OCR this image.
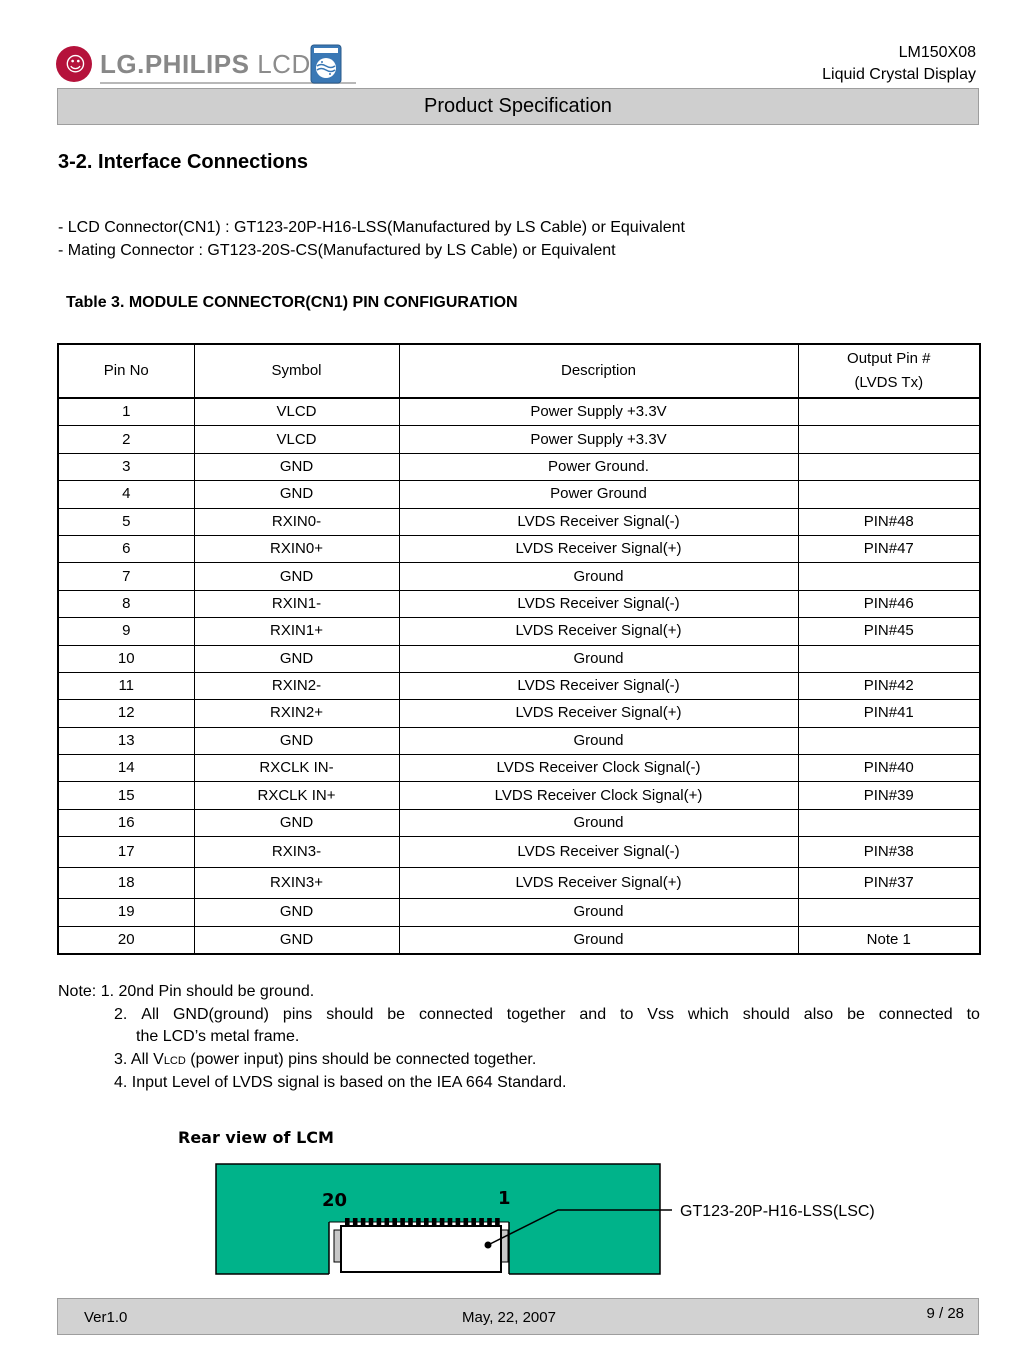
☺ LG.PHILIPS LCD	LM150X08
Liquid Crystal Display
Product Specification
3-2. Interface Connections
- LCD Connector(CN1) : GT123-20P-H16-LSS(Manufactured by LS Cable) or Equivalent
- Mating Connector : GT123-20S-CS(Manufactured by LS Cable) or Equivalent
Table 3. MODULE CONNECTOR(CN1) PIN CONFIGURATION
Pin No	Symbol	Description	Output Pin #
(LVDS Tx)

1	VLCD	Power Supply +3.3V	
2	VLCD	Power Supply +3.3V	
3	GND	Power Ground.	
4	GND	Power Ground	
5	RXIN0-	LVDS Receiver Signal(-)	PIN#48
6	RXIN0+	LVDS Receiver Signal(+)	PIN#47
7	GND	Ground	
8	RXIN1-	LVDS Receiver Signal(-)	PIN#46
9	RXIN1+	LVDS Receiver Signal(+)	PIN#45
10	GND	Ground	
11	RXIN2-	LVDS Receiver Signal(-)	PIN#42
12	RXIN2+	LVDS Receiver Signal(+)	PIN#41
13	GND	Ground	
14	RXCLK IN-	LVDS Receiver Clock Signal(-)	PIN#40
15	RXCLK IN+	LVDS Receiver Clock Signal(+)	PIN#39
16	GND	Ground	
17	RXIN3-	LVDS Receiver Signal(-)	PIN#38
18	RXIN3+	LVDS Receiver Signal(+)	PIN#37
19	GND	Ground	
20	GND	Ground	Note 1
Note: 1. 20nd Pin should be ground.
2. All GND(ground) pins should be connected together and to Vss which should also be connected to
the LCD’s metal frame.
3. All VLCD (power input) pins should be connected together.
4. Input Level of LVDS signal is based on the IEA 664 Standard.
Rear view of LCM
20	1
GT123-20P-H16-LSS(LSC)
Ver1.0	May, 22, 2007	9 / 28
